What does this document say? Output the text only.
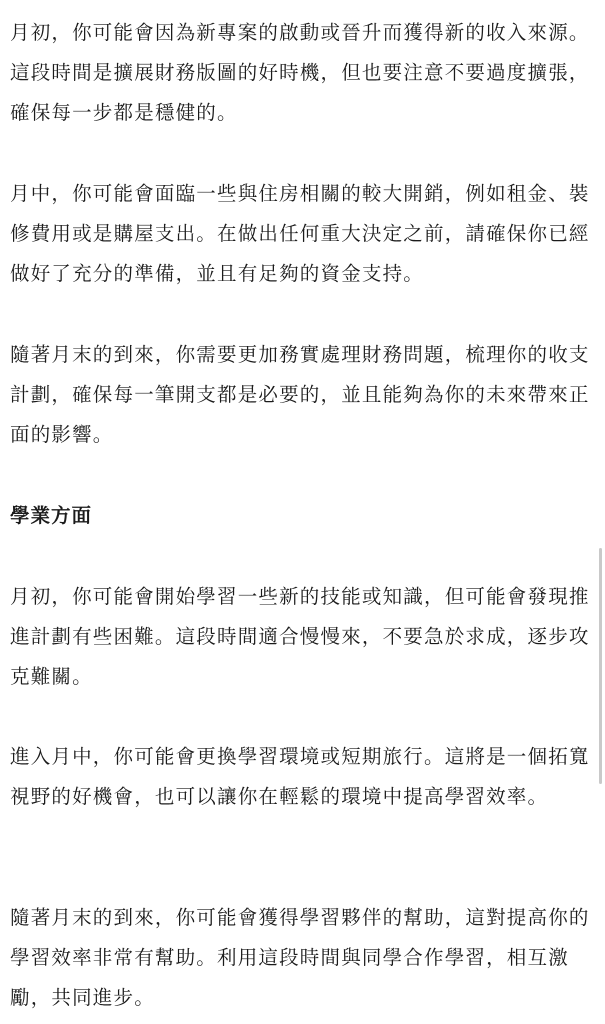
月初，你可能會因為新專案的啟動或晉升而獲得新的收入來源。這段時間是擴展財務版圖的好時機，但也要注意不要過度擴張，確保每一步都是穩健的。

月中，你可能會面臨一些與住房相關的較大開銷，例如租金、裝修費用或是購屋支出。在做出任何重大決定之前，請確保你已經做好了充分的準備，並且有足夠的資金支持。

隨著月末的到來，你需要更加務實處理財務問題，梳理你的收支計劃，確保每一筆開支都是必要的，並且能夠為你的未來帶來正面的影響。

學業方面

月初，你可能會開始學習一些新的技能或知識，但可能會發現推進計劃有些困難。這段時間適合慢慢來，不要急於求成，逐步攻克難關。

進入月中，你可能會更換學習環境或短期旅行。這將是一個拓寬視野的好機會，也可以讓你在輕鬆的環境中提高學習效率。

隨著月末的到來，你可能會獲得學習夥伴的幫助，這對提高你的學習效率非常有幫助。利用這段時間與同學合作學習，相互激勵，共同進步。
